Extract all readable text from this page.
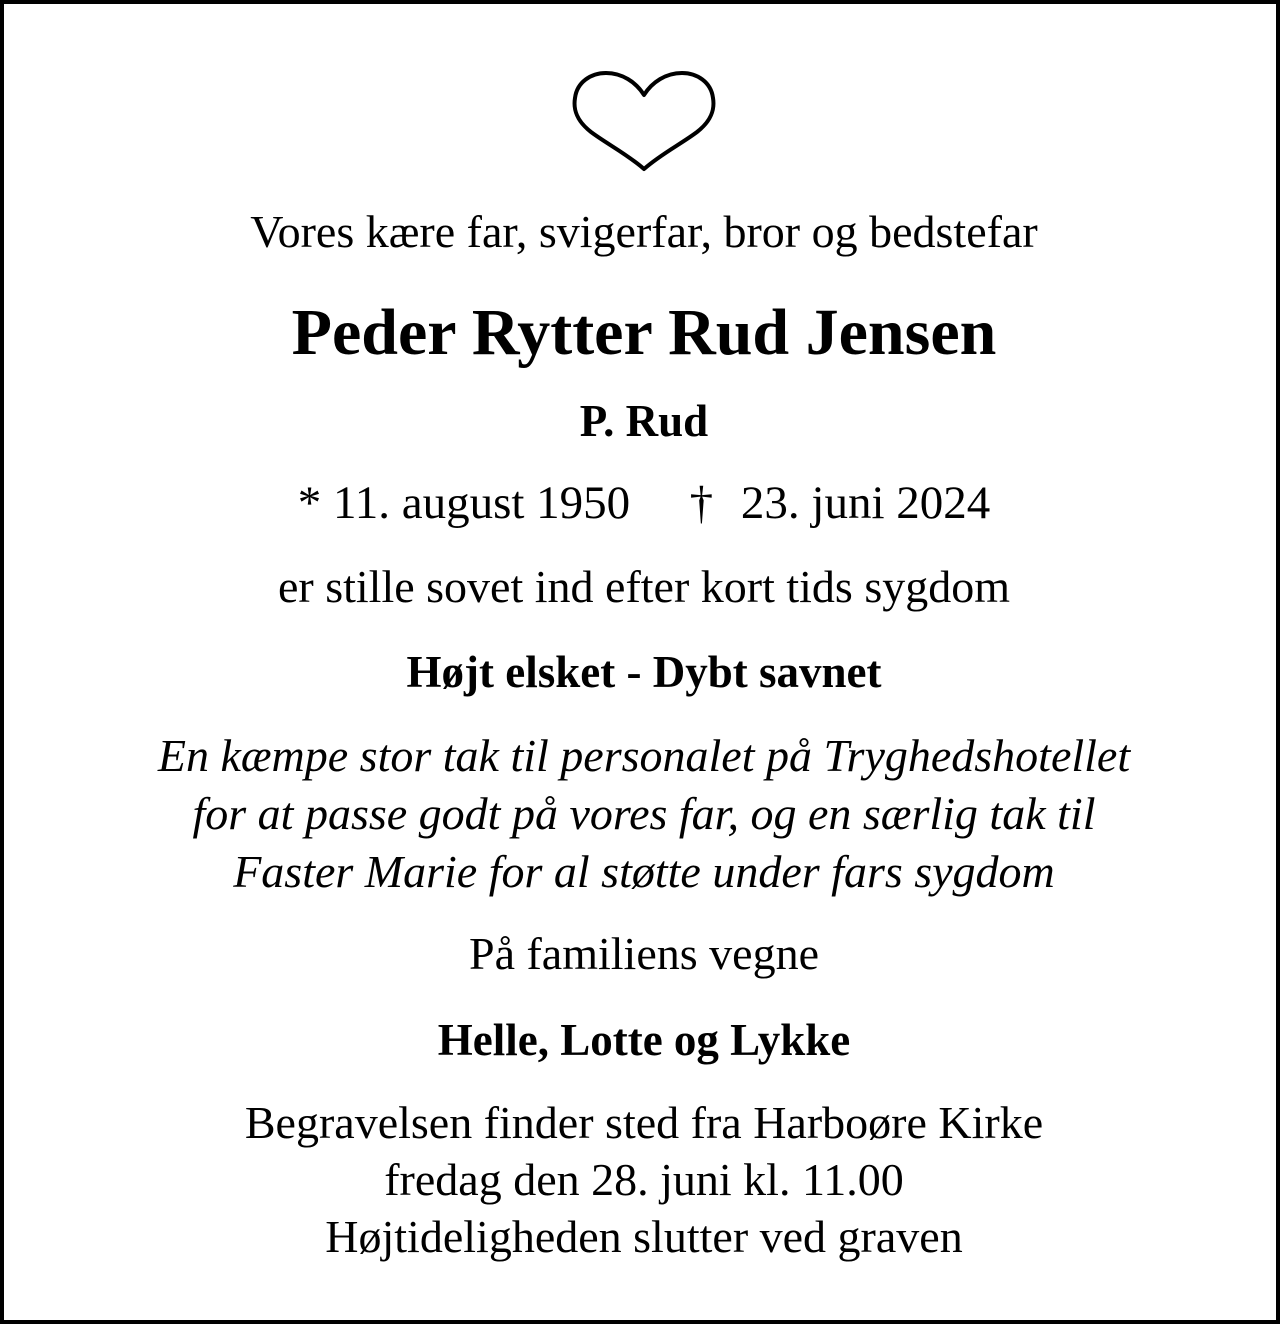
Vores kære far, svigerfar, bror og bedstefar
Peder Rytter Rud Jensen
P. Rud
* 11. august 1950 † 23. juni 2024
er stille sovet ind efter kort tids sygdom
Højt elsket - Dybt savnet
En kæmpe stor tak til personalet på Tryghedshotellet
for at passe godt på vores far, og en særlig tak til
Faster Marie for al støtte under fars sygdom
På familiens vegne
Helle, Lotte og Lykke
Begravelsen finder sted fra Harboøre Kirke
fredag den 28. juni kl. 11.00
Højtideligheden slutter ved graven
